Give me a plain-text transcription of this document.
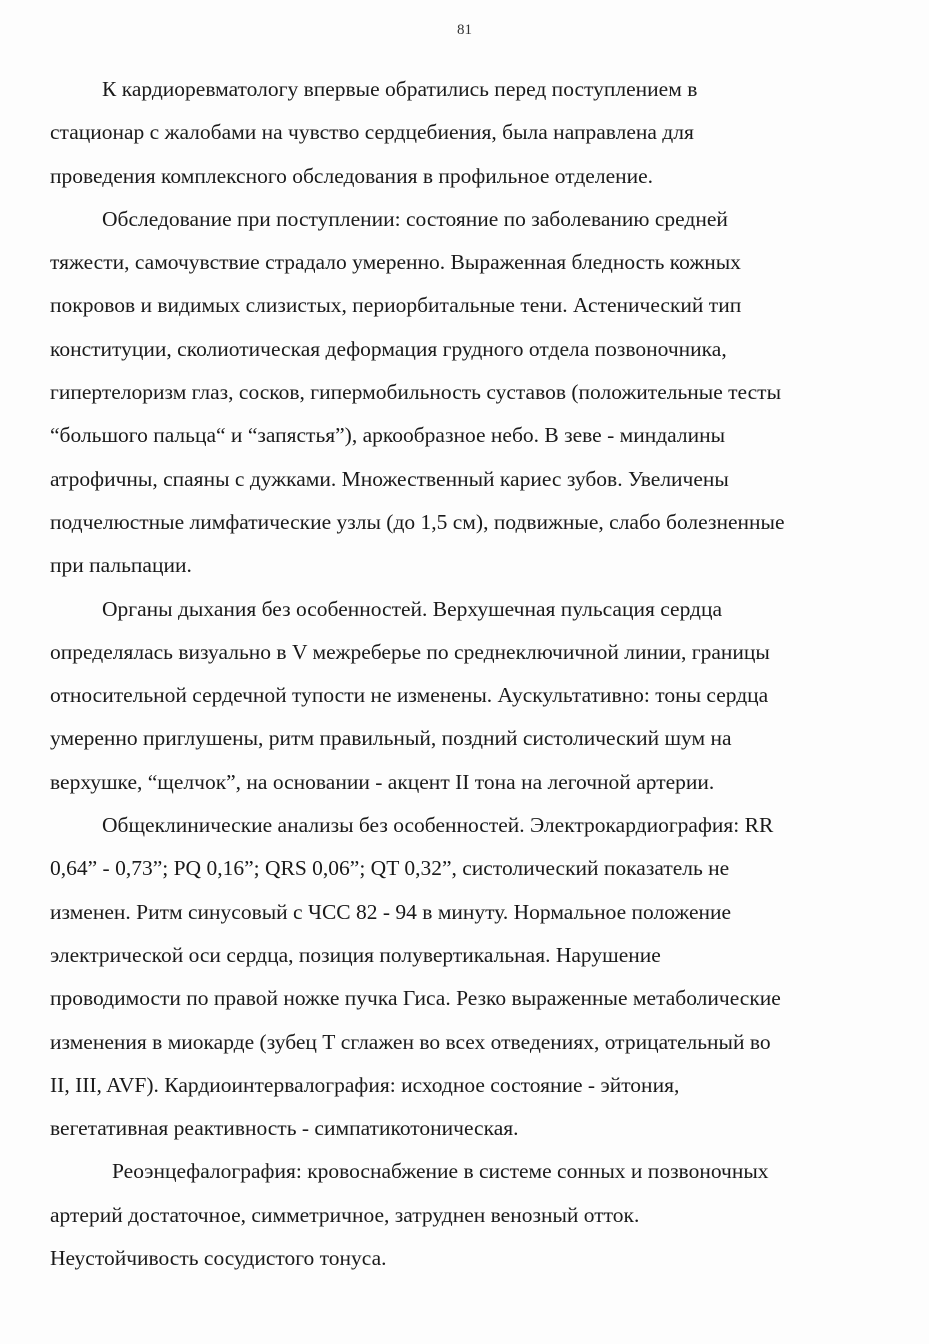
81
К кардиоревматологу впервые обратились перед поступлением в
стационар с жалобами на чувство сердцебиения, была направлена для
проведения комплексного обследования в профильное отделение.
Обследование при поступлении: состояние по заболеванию средней
тяжести, самочувствие страдало умеренно. Выраженная бледность кожных
покровов и видимых слизистых, периорбитальные тени. Астенический тип
конституции, сколиотическая деформация грудного отдела позвоночника,
гипертелоризм глаз, сосков, гипермобильность суставов (положительные тесты
“большого пальца“ и “запястья”), аркообразное небо. В зеве - миндалины
атрофичны, спаяны с дужками. Множественный кариес зубов. Увеличены
подчелюстные лимфатические узлы (до 1,5 см), подвижные, слабо болезненные
при пальпации.
Органы дыхания без особенностей. Верхушечная пульсация сердца
определялась визуально в V межреберье по среднеключичной линии, границы
относительной сердечной тупости не изменены. Аускультативно: тоны сердца
умеренно приглушены, ритм правильный, поздний систолический шум на
верхушке, “щелчок”, на основании - акцент II тона на легочной артерии.
Общеклинические анализы без особенностей. Электрокардиография: RR
0,64” - 0,73”; PQ 0,16”; QRS 0,06”; QT 0,32”, систолический показатель не
изменен. Ритм синусовый с ЧСС 82 - 94 в минуту. Нормальное положение
электрической оси сердца, позиция полувертикальная. Нарушение
проводимости по правой ножке пучка Гиса. Резко выраженные метаболические
изменения в миокарде (зубец Т сглажен во всех отведениях, отрицательный во
II, III, AVF). Кардиоинтервалография: исходное состояние - эйтония,
вегетативная реактивность - симпатикотоническая.
Реоэнцефалография: кровоснабжение в системе сонных и позвоночных
артерий достаточное, симметричное, затруднен венозный отток.
Неустойчивость сосудистого тонуса.
